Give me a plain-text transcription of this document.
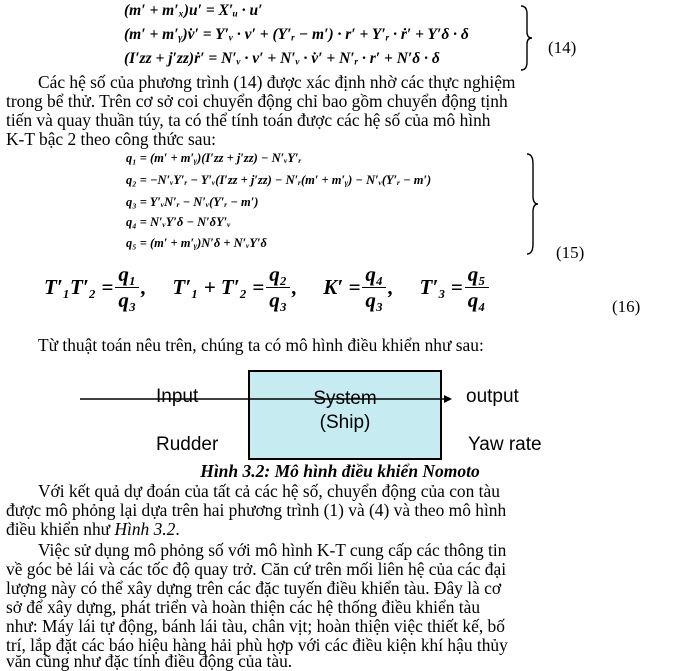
(m′ + m′ₓ)u′ = X′ᵤ · u′
(m′ + m′ᵧ)v̇′ = Y′ᵥ · v′ + (Y′ᵣ − m′) · r′ + Y′ᵣ · ṙ′ + Y′δ · δ
(I′zz + j′zz)ṙ′ = N′ᵥ · v′ + N′ᵥ · v̇′ + N′ᵣ · r′ + N′δ · δ
(14)
Các hệ số của phương trình (14) được xác định nhờ các thực nghiệm
trong bể thử. Trên cơ sở coi chuyển động chỉ bao gồm chuyển động tịnh
tiến và quay thuần túy, ta có thể tính toán được các hệ số của mô hình
K-T bậc 2 theo công thức sau:
q₁ = (m′ + m′ᵧ)(I′zz + j′zz) − N′ᵥY′ᵣ
q₂ = −N′ᵥY′ᵣ − Y′ᵥ(I′zz + j′zz) − N′ᵣ(m′ + m′ᵧ) − N′ᵥ(Y′ᵣ − m′)
q₃ = Y′ᵥN′ᵣ − N′ᵥ(Y′ᵣ − m′)
q₄ = N′ᵥY′δ − N′δY′ᵥ
q₅ = (m′ + m′ᵧ)N′δ + N′ᵥY′δ	(15)
$T'_1T'_2 = \frac{\text{q₁}}{\text{q₃}}$ , $T'_1 + T'_2 = \frac{\text{q₂}}{\text{q₃}}$ , $K' = \frac{\text{q₄}}{\text{q₃}}$ , $T'_3 = \frac{\text{q₅}}{\text{q₄}}$	(16)
Từ thuật toán nêu trên, chúng ta có mô hình điều khiển như sau:
System
(Ship)
Input	output
Rudder	Yaw rate
Hình 3.2: Mô hình điều khiển Nomoto
Với kết quả dự đoán của tất cả các hệ số, chuyển động của con tàu
được mô phỏng lại dựa trên hai phương trình (1) và (4) và theo mô hình
điều khiển như Hình 3.2.
Việc sử dụng mô phỏng số với mô hình K-T cung cấp các thông tin
về góc bẻ lái và các tốc độ quay trở. Căn cứ trên mối liên hệ của các đại
lượng này có thể xây dựng trên các đặc tuyến điều khiển tàu. Đây là cơ
sở để xây dựng, phát triển và hoàn thiện các hệ thống điều khiển tàu
như: Máy lái tự động, bánh lái tàu, chân vịt; hoàn thiện việc thiết kế, bố
trí, lắp đặt các báo hiệu hàng hải phù hợp với các điều kiện khí hậu thủy
văn cũng như đặc tính điều động của tàu.
